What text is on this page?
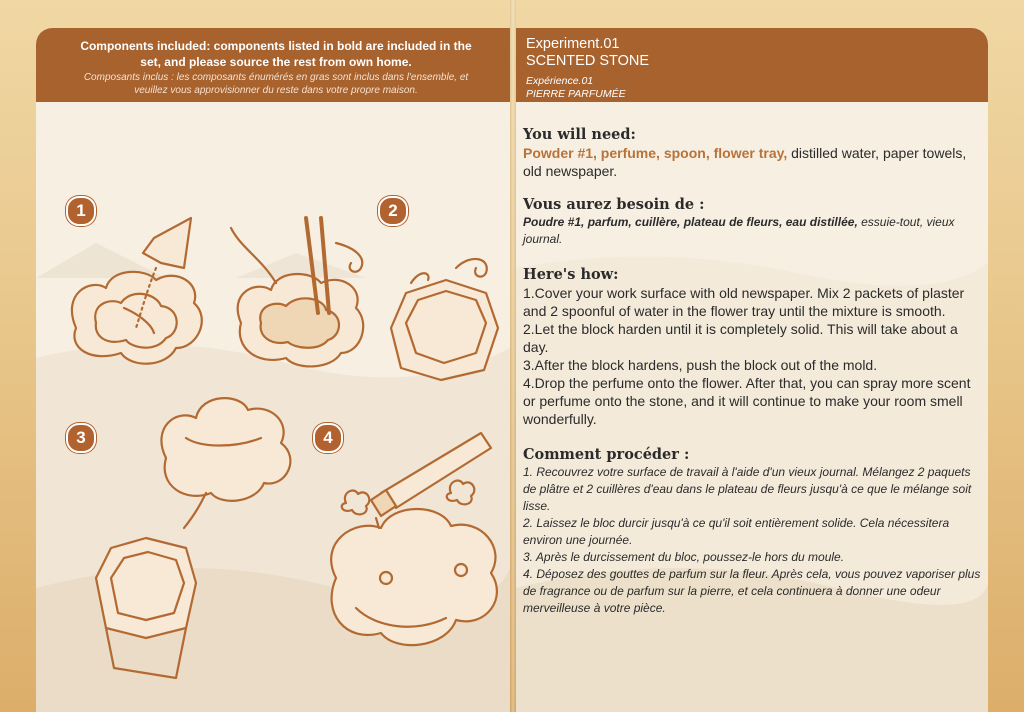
Components included: components listed in bold are included in the set, and please source the rest from own home.
Composants inclus : les composants énumérés en gras sont inclus dans l'ensemble, et veuillez vous approvisionner du reste dans votre propre maison.
1	2
3	4
Experiment.01
SCENTED STONE
Expérience.01
PIERRE PARFUMÉE

You will need:

Powder #1, perfume, spoon, flower tray, distilled water, paper towels, old newspaper.

Vous aurez besoin de :

Poudre #1, parfum, cuillère, plateau de fleurs, eau distillée, essuie-tout, vieux journal.

Here's how:

1.Cover your work surface with old newspaper. Mix 2 packets of plaster and 2 spoonful of water in the flower tray until the mixture is smooth.

2.Let the block harden until it is completely solid. This will take about a day.

3.After the block hardens, push the block out of the mold.

4.Drop the perfume onto the flower. After that, you can spray more scent or perfume onto the stone, and it will continue to make your room smell wonderfully.

Comment procéder :

1. Recouvrez votre surface de travail à l'aide d'un vieux journal. Mélangez 2 paquets de plâtre et 2 cuillères d'eau dans le plateau de fleurs jusqu'à ce que le mélange soit lisse.

2. Laissez le bloc durcir jusqu'à ce qu'il soit entièrement solide. Cela nécessitera environ une journée.

3. Après le durcissement du bloc, poussez-le hors du moule.

4. Déposez des gouttes de parfum sur la fleur. Après cela, vous pouvez vaporiser plus de fragrance ou de parfum sur la pierre, et cela continuera à donner une odeur merveilleuse à votre pièce.
